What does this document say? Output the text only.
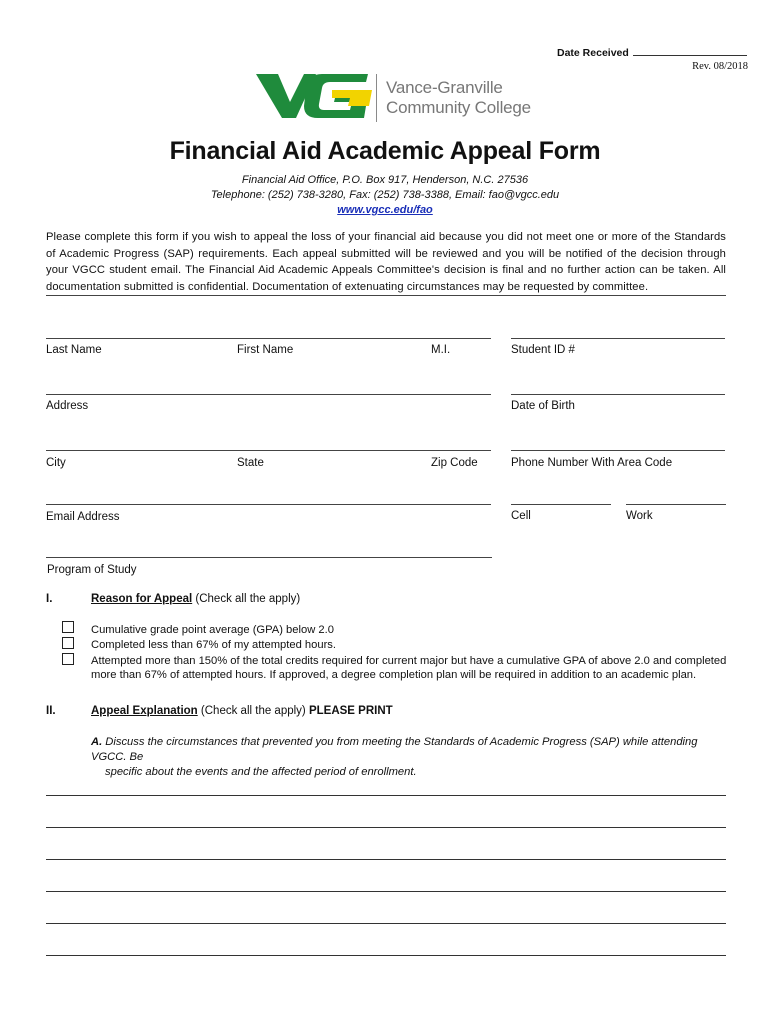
Date Received
Rev. 08/2018
Vance-Granville
Community College
Financial Aid Academic Appeal Form
Financial Aid Office, P.O. Box 917, Henderson, N.C. 27536
Telephone: (252) 738-3280, Fax: (252) 738-3388, Email: fao@vgcc.edu
www.vgcc.edu/fao
Please complete this form if you wish to appeal the loss of your financial aid because you did not meet one or more of the Standards of Academic Progress (SAP) requirements. Each appeal submitted will be reviewed and you will be notified of the decision through your VGCC student email. The Financial Aid Academic Appeals Committee's decision is final and no further action can be taken. All documentation submitted is confidential. Documentation of extenuating circumstances may be requested by committee.
Last Name	First Name	M.I.	Student ID #
Address	Date of Birth
City	State	Zip Code	Phone Number With Area Code
Email Address	Cell	Work
Program of Study
I.	Reason for Appeal (Check all the apply)
Cumulative grade point average (GPA) below 2.0
Completed less than 67% of my attempted hours.
Attempted more than 150% of the total credits required for current major but have a cumulative GPA of above 2.0 and completed
more than 67% of attempted hours. If approved, a degree completion plan will be required in addition to an academic plan.
II.	Appeal Explanation (Check all the apply) PLEASE PRINT
A. Discuss the circumstances that prevented you from meeting the Standards of Academic Progress (SAP) while attending VGCC. Be
specific about the events and the affected period of enrollment.
